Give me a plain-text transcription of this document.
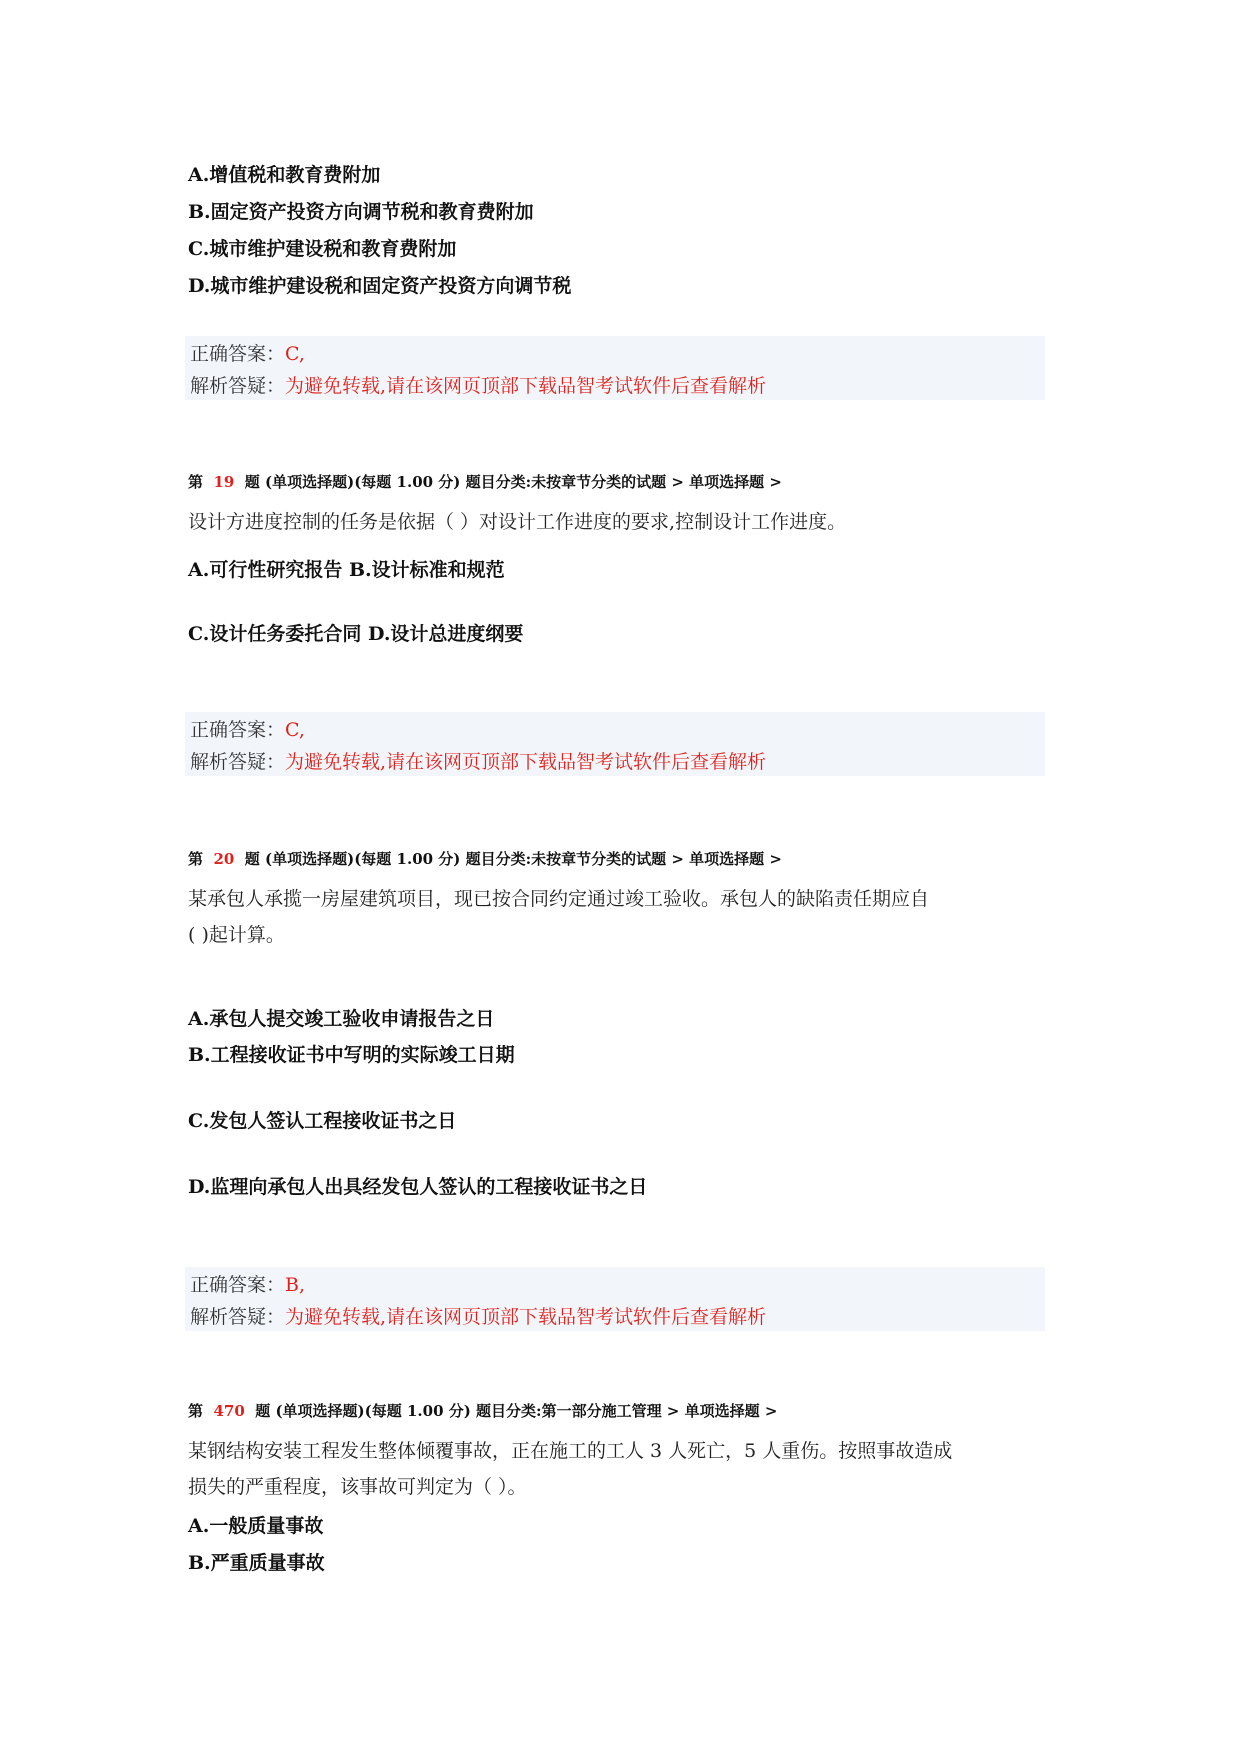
A.增值税和教育费附加
B.固定资产投资方向调节税和教育费附加
C.城市维护建设税和教育费附加
D.城市维护建设税和固定资产投资方向调节税
正确答案：C,
解析答疑：为避免转载,请在该网页顶部下载品智考试软件后查看解析
第 19 题 (单项选择题)(每题 1.00 分) 题目分类:未按章节分类的试题 > 单项选择题 >
设计方进度控制的任务是依据（ ）对设计工作进度的要求,控制设计工作进度。
A.可行性研究报告 B.设计标准和规范
C.设计任务委托合同 D.设计总进度纲要
正确答案：C,
解析答疑：为避免转载,请在该网页顶部下载品智考试软件后查看解析
第 20 题 (单项选择题)(每题 1.00 分) 题目分类:未按章节分类的试题 > 单项选择题 >
某承包人承揽一房屋建筑项目，现已按合同约定通过竣工验收。承包人的缺陷责任期应自
( )起计算。
A.承包人提交竣工验收申请报告之日
B.工程接收证书中写明的实际竣工日期
C.发包人签认工程接收证书之日
D.监理向承包人出具经发包人签认的工程接收证书之日
正确答案：B,
解析答疑：为避免转载,请在该网页顶部下载品智考试软件后查看解析
第 470 题 (单项选择题)(每题 1.00 分) 题目分类:第一部分施工管理 > 单项选择题 >
某钢结构安装工程发生整体倾覆事故，正在施工的工人 3 人死亡，5 人重伤。按照事故造成
损失的严重程度，该事故可判定为（ ）。
A.一般质量事故
B.严重质量事故
